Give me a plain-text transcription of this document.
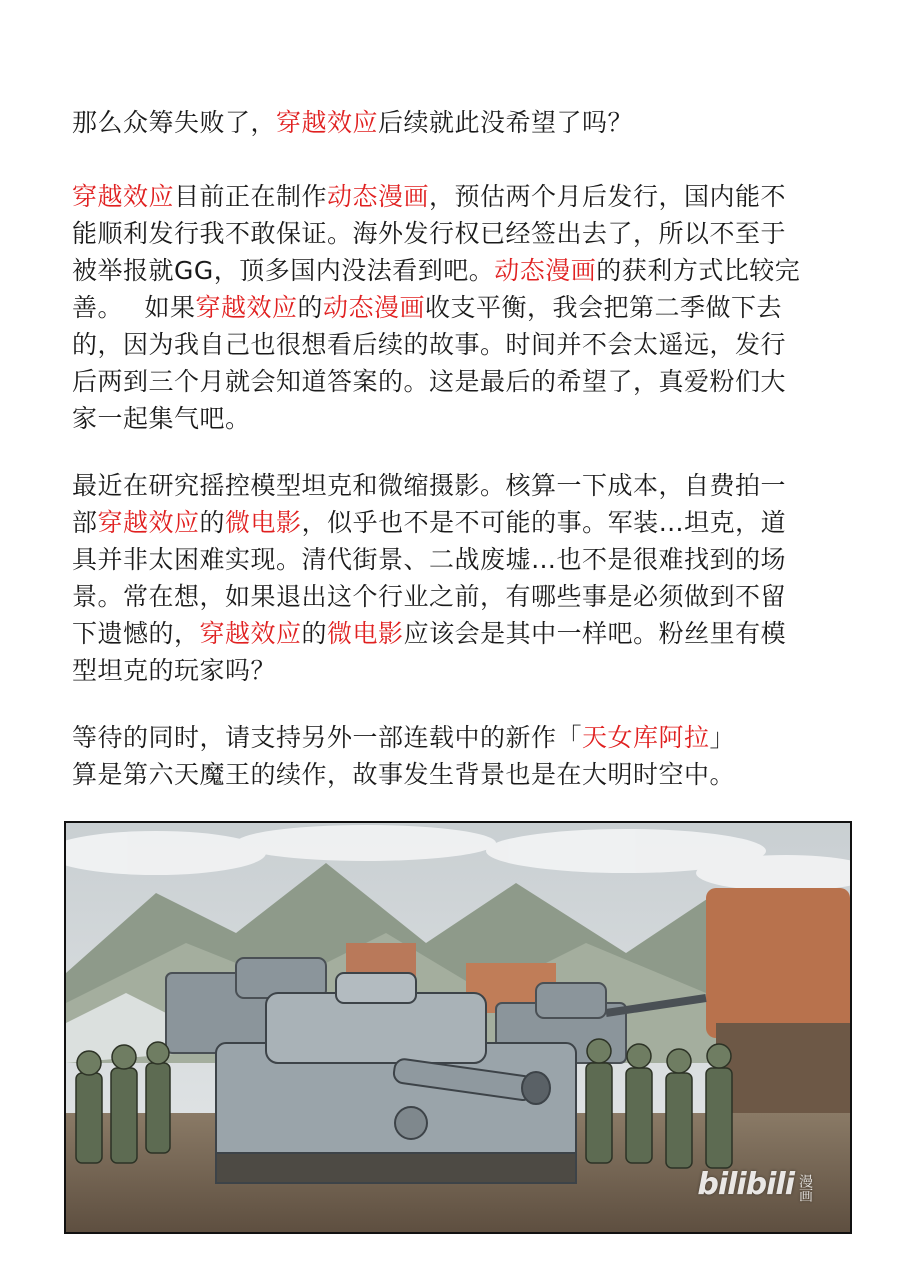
那么众筹失败了，穿越效应后续就此没希望了吗？
穿越效应目前正在制作动态漫画，预估两个月后发行，国内能不
能顺利发行我不敢保证。海外发行权已经签出去了，所以不至于
被举报就GG，顶多国内没法看到吧。动态漫画的获利方式比较完
善。　 如果穿越效应的动态漫画收支平衡，我会把第二季做下去
的，因为我自己也很想看后续的故事。时间并不会太遥远，发行
后两到三个月就会知道答案的。这是最后的希望了，真爱粉们大
家一起集气吧。
最近在研究摇控模型坦克和微缩摄影。核算一下成本，自费拍一
部穿越效应的微电影，似乎也不是不可能的事。军装…坦克，道
具并非太困难实现。清代街景、二战废墟…也不是很难找到的场
景。常在想，如果退出这个行业之前，有哪些事是必须做到不留
下遗憾的，穿越效应的微电影应该会是其中一样吧。粉丝里有模
型坦克的玩家吗？
等待的同时，请支持另外一部连载中的新作「天女库阿拉」
算是第六天魔王的续作，故事发生背景也是在大明时空中。
bilibili 漫画
